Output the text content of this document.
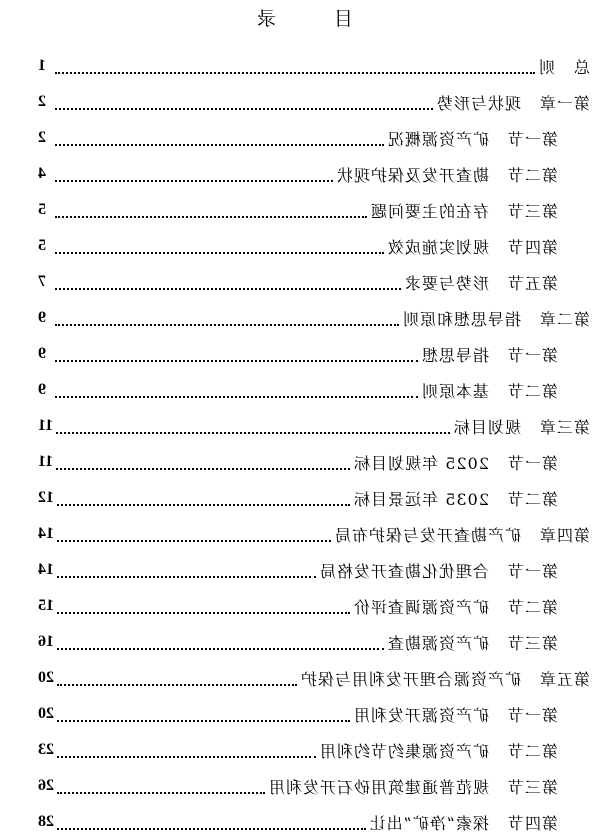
目 录
总则
1
第一章现状与形势
2
第一节矿产资源概况
2
第二节勘查开发及保护现状
4
第三节存在的主要问题
5
第四节规划实施成效
5
第五节形势与要求
7
第二章指导思想和原则
9
第一节指导思想
9
第二节基本原则
9
第三章规划目标
11
第一节2025 年规划目标
11
第二节2035 年远景目标
12
第四章矿产勘查开发与保护布局
14
第一节合理优化勘查开发格局
14
第二节矿产资源调查评价
15
第三节矿产资源勘查
16
第五章矿产资源合理开发利用与保护
20
第一节矿产资源开发利用
20
第二节矿产资源集约节约利用
23
第三节规范普通建筑用砂石开发利用
26
第四节探索“净矿”出让
28
